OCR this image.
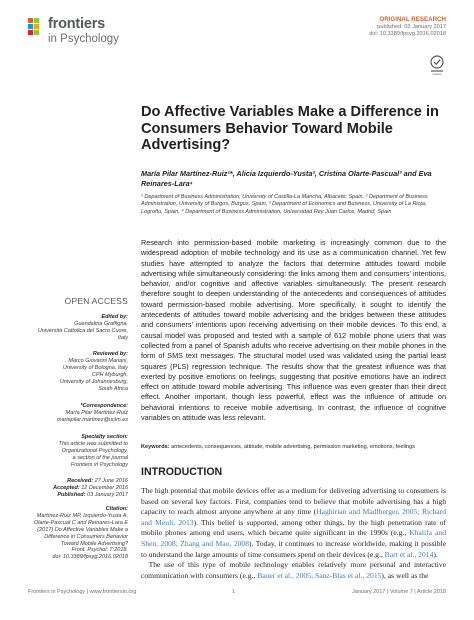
frontiers
in Psychology
ORIGINAL RESEARCH
published: 03 January 2017
doi: 10.3389/fpsyg.2016.02018
Do Affective Variables Make a Difference in Consumers Behavior Toward Mobile Advertising?
María Pilar Martínez-Ruiz¹*, Alicia Izquierdo-Yusta², Cristina Olarte-Pascual³ and Eva Reinares-Lara⁴
¹ Department of Business Administration, University of Castilla-La Mancha, Albacete, Spain, ² Department of Business Administration, University of Burgos, Burgos, Spain, ³ Department of Economics and Business, University of La Rioja, Logroño, Spain, ⁴ Department of Business Administration, Universidad Rey Juan Carlos, Madrid, Spain
OPEN ACCESS
Edited by:
Guendalina Graffigna,
Università Cattolica del Sacro Cuore,
Italy
Reviewed by:
Marco Giovanni Mariani,
University of Bologna, Italy
CPH Myburgh,
University of Johannesburg,
South Africa
*Correspondence:
María Pilar Martínez-Ruiz
mariapilar.martinez@uclm.es
Specialty section:
This article was submitted to
Organizational Psychology,
a section of the journal
Frontiers in Psychology
Received: 27 June 2016
Accepted: 12 December 2016
Published: 03 January 2017
Citation:
Martínez-Ruiz MP, Izquierdo-Yusta A,
Olarte-Pascual C and Reinares-Lara E
(2017) Do Affective Variables Make a
Difference in Consumers Behavior
Toward Mobile Advertising?
Front. Psychol. 7:2018.
doi: 10.3389/fpsyg.2016.02018
Research into permission-based mobile marketing is increasingly common due to the widespread adoption of mobile technology and its use as a communication channel. Yet few studies have attempted to analyze the factors that determine attitudes toward mobile advertising while simultaneously considering: the links among them and consumers’ intentions, behavior, and/or cognitive and affective variables simultaneously. The present research therefore sought to deepen understanding of the antecedents and consequences of attitudes toward permission-based mobile advertising. More specifically, it sought to identify the antecedents of attitudes toward mobile advertising and the bridges between these attitudes and consumers’ intentions upon receiving advertising on their mobile devices. To this end, a causal model was proposed and tested with a sample of 612 mobile phone users that was collected from a panel of Spanish adults who receive advertising on their mobile phones in the form of SMS text messages. The structural model used was validated using the partial least squares (PLS) regression technique. The results show that the greatest influence was that exerted by positive emotions on feelings, suggesting that positive emotions have an indirect effect on attitude toward mobile advertising. This influence was even greater than their direct effect. Another important, though less powerful, effect was the influence of attitude on behavioral intentions to receive mobile advertising. In contrast, the influence of cognitive variables on attitude was less relevant.
Keywords: antecedents, consequences, attitude, mobile advertising, permission marketing, emotions, feelings
INTRODUCTION
The high potential that mobile devices offer as a medium for delivering advertising to consumers is based on several key factors. First, companies tend to believe that mobile advertising has a high capacity to reach almost anyone anywhere at any time (Haghirian and Madlberger, 2005; Richard and Meuli, 2013). This belief is supported, among other things, by the high penetration rate of mobile phones among end users, which became quite significant in the 1990s (e.g., Khalifa and Shen, 2008; Zhang and Mao, 2008). Today, it continues to increase worldwide, making it possible to understand the large amounts of time consumers spend on their devices (e.g., Bart et al., 2014).
 The use of this type of mobile technology enables relatively more personal and interactive communication with consumers (e.g., Bauer et al., 2005; Sanz-Blas et al., 2015), as well as the
Frontiers in Psychology | www.frontiersin.org	1	January 2017 | Volume 7 | Article 2018
